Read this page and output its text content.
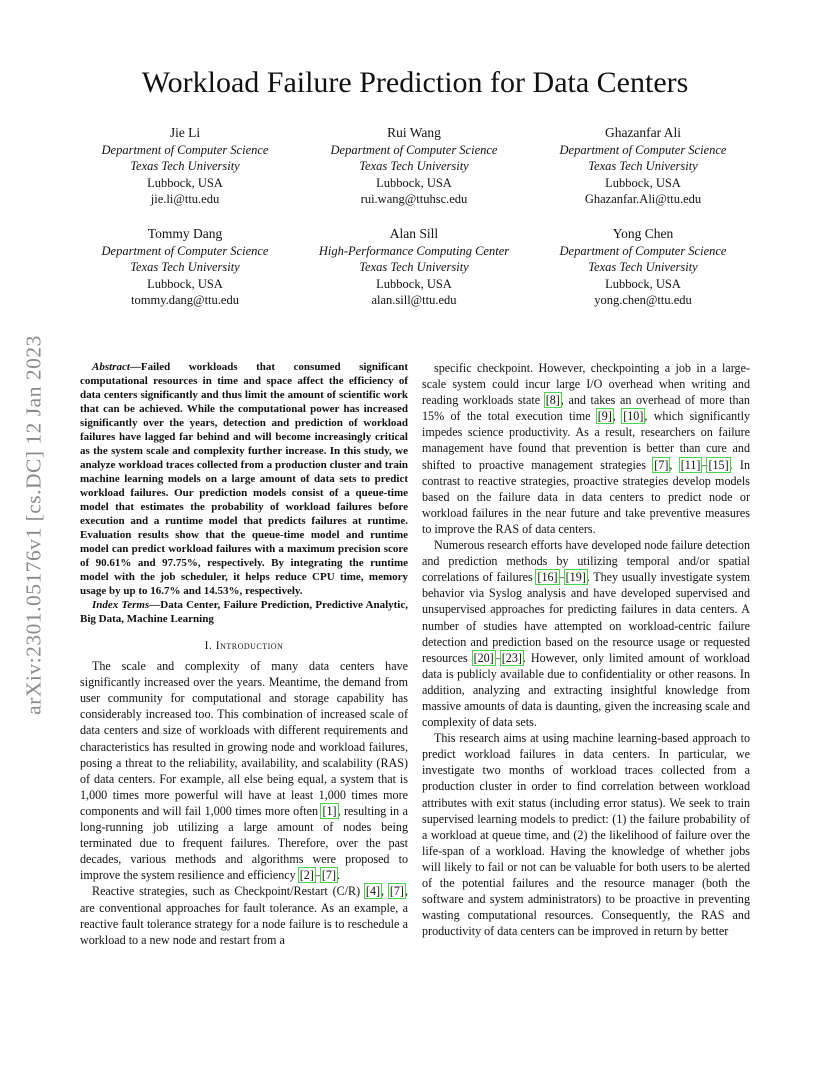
arXiv:2301.05176v1 [cs.DC] 12 Jan 2023
Workload Failure Prediction for Data Centers
Jie Li
Department of Computer Science
Texas Tech University
Lubbock, USA
jie.li@ttu.edu
Rui Wang
Department of Computer Science
Texas Tech University
Lubbock, USA
rui.wang@ttuhsc.edu
Ghazanfar Ali
Department of Computer Science
Texas Tech University
Lubbock, USA
Ghazanfar.Ali@ttu.edu
Tommy Dang
Department of Computer Science
Texas Tech University
Lubbock, USA
tommy.dang@ttu.edu
Alan Sill
High-Performance Computing Center
Texas Tech University
Lubbock, USA
alan.sill@ttu.edu
Yong Chen
Department of Computer Science
Texas Tech University
Lubbock, USA
yong.chen@ttu.edu

Abstract—Failed workloads that consumed significant computational resources in time and space affect the efficiency of data centers significantly and thus limit the amount of scientific work that can be achieved. While the computational power has increased significantly over the years, detection and prediction of workload failures have lagged far behind and will become increasingly critical as the system scale and complexity further increase. In this study, we analyze workload traces collected from a production cluster and train machine learning models on a large amount of data sets to predict workload failures. Our prediction models consist of a queue-time model that estimates the probability of workload failures before execution and a runtime model that predicts failures at runtime. Evaluation results show that the queue-time model and runtime model can predict workload failures with a maximum precision score of 90.61% and 97.75%, respectively. By integrating the runtime model with the job scheduler, it helps reduce CPU time, memory usage by up to 16.7% and 14.53%, respectively.

Index Terms—Data Center, Failure Prediction, Predictive Analytic, Big Data, Machine Learning

I. Introduction

The scale and complexity of many data centers have significantly increased over the years. Meantime, the demand from user community for computational and storage capability has considerably increased too. This combination of increased scale of data centers and size of workloads with different requirements and characteristics has resulted in growing node and workload failures, posing a threat to the reliability, availability, and scalability (RAS) of data centers. For example, all else being equal, a system that is 1,000 times more powerful will have at least 1,000 times more components and will fail 1,000 times more often [1], resulting in a long-running job utilizing a large amount of nodes being terminated due to frequent failures. Therefore, over the past decades, various methods and algorithms were proposed to improve the system resilience and efficiency [2]–[7].

Reactive strategies, such as Checkpoint/Restart (C/R) [4], [7], are conventional approaches for fault tolerance. As an example, a reactive fault tolerance strategy for a node failure is to reschedule a workload to a new node and restart from a

specific checkpoint. However, checkpointing a job in a large-scale system could incur large I/O overhead when writing and reading workloads state [8], and takes an overhead of more than 15% of the total execution time [9], [10], which significantly impedes science productivity. As a result, researchers on failure management have found that prevention is better than cure and shifted to proactive management strategies [7], [11]–[15]. In contrast to reactive strategies, proactive strategies develop models based on the failure data in data centers to predict node or workload failures in the near future and take preventive measures to improve the RAS of data centers.

Numerous research efforts have developed node failure detection and prediction methods by utilizing temporal and/or spatial correlations of failures [16]–[19]. They usually investigate system behavior via Syslog analysis and have developed supervised and unsupervised approaches for predicting failures in data centers. A number of studies have attempted on workload-centric failure detection and prediction based on the resource usage or requested resources [20]–[23]. However, only limited amount of workload data is publicly available due to confidentiality or other reasons. In addition, analyzing and extracting insightful knowledge from massive amounts of data is daunting, given the increasing scale and complexity of data sets.

This research aims at using machine learning-based approach to predict workload failures in data centers. In particular, we investigate two months of workload traces collected from a production cluster in order to find correlation between workload attributes with exit status (including error status). We seek to train supervised learning models to predict: (1) the failure probability of a workload at queue time, and (2) the likelihood of failure over the life-span of a workload. Having the knowledge of whether jobs will likely to fail or not can be valuable for both users to be alerted of the potential failures and the resource manager (both the software and system administrators) to be proactive in preventing wasting computational resources. Consequently, the RAS and productivity of data centers can be improved in return by better
